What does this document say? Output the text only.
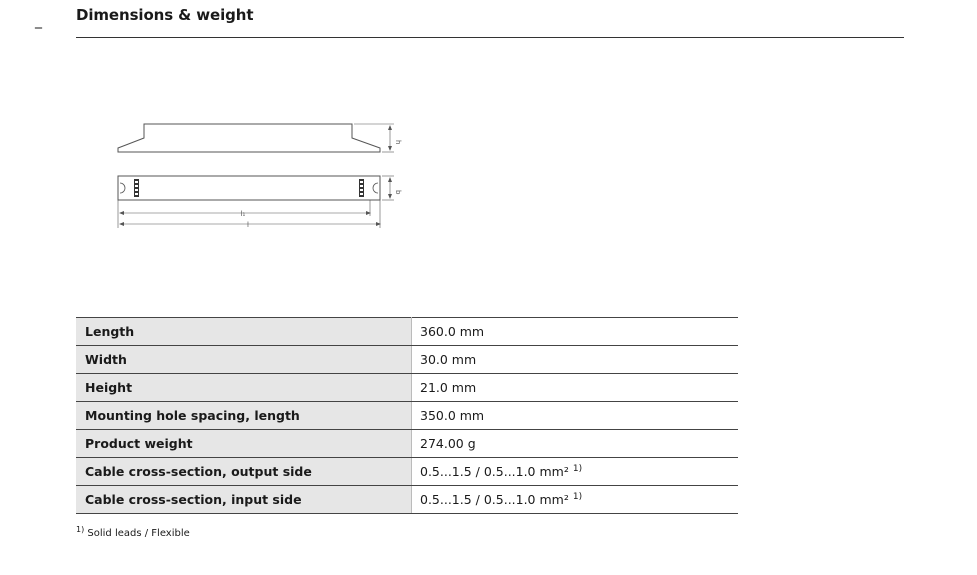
_ Dimensions & weight
h
b
l₁
l
Length	360.0 mm
Width	30.0 mm
Height	21.0 mm
Mounting hole spacing, length	350.0 mm
Product weight	274.00 g
Cable cross-section, output side	0.5...1.5 / 0.5...1.0 mm² $^{1)}$
Cable cross-section, input side	0.5...1.5 / 0.5...1.0 mm² $^{1)}$
$^{1)}$ Solid leads / Flexible
